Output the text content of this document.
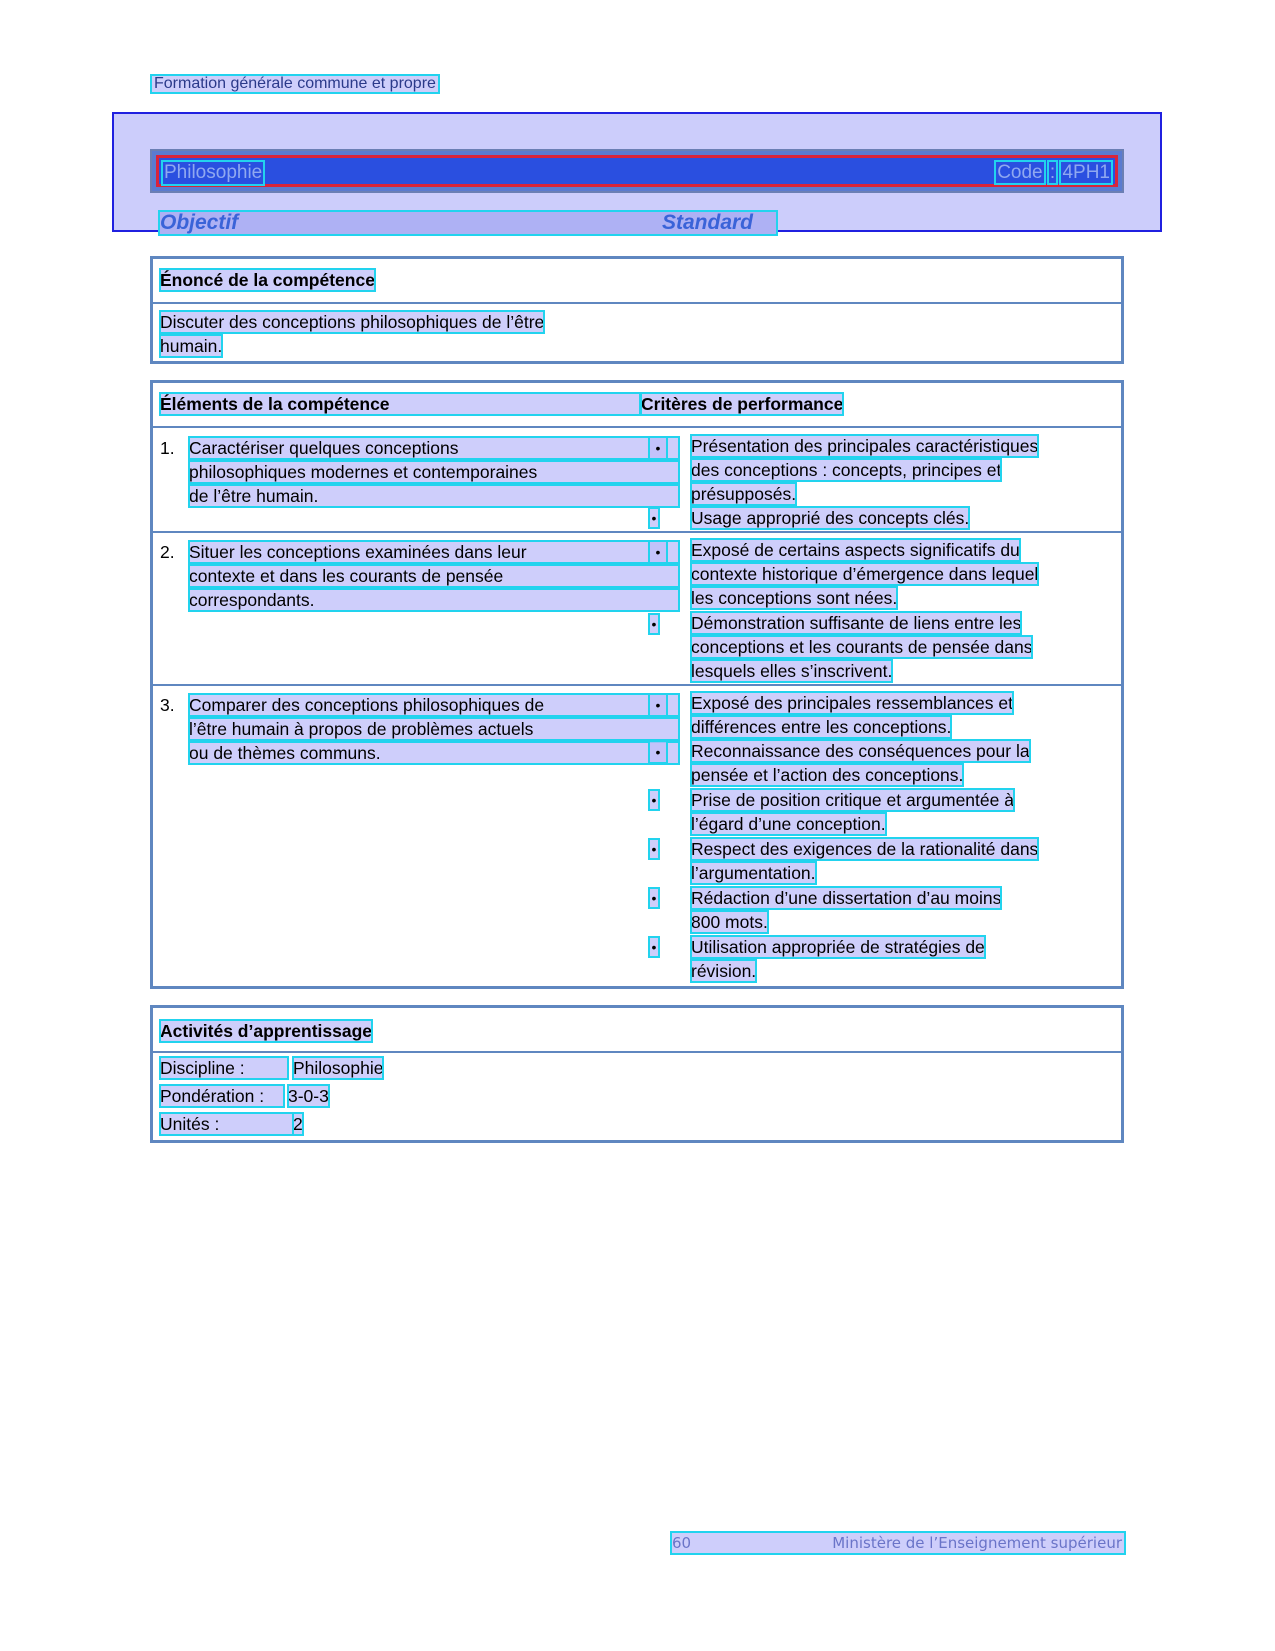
Formation générale commune et propre
Philosophie	Code : 4PH1
Objectif	Standard
Énoncé de la compétence
Discuter des conceptions philosophiques de l’être
humain.
Éléments de la compétence	Critères de performance
1. Caractériser quelques conceptions
philosophiques modernes et contemporaines
de l’être humain.
•	Présentation des principales caractéristiques
des conceptions : concepts, principes et
présupposés.
• Usage approprié des concepts clés.
2. Situer les conceptions examinées dans leur
contexte et dans les courants de pensée
correspondants.
•	Exposé de certains aspects significatifs du
contexte historique d’émergence dans lequel
les conceptions sont nées.
• Démonstration suffisante de liens entre les
conceptions et les courants de pensée dans
lesquels elles s’inscrivent.
3. Comparer des conceptions philosophiques de
l’être humain à propos de problèmes actuels
ou de thèmes communs.
•	Exposé des principales ressemblances et
différences entre les conceptions.
•	Reconnaissance des conséquences pour la
pensée et l’action des conceptions.
• Prise de position critique et argumentée à
l’égard d’une conception.
• Respect des exigences de la rationalité dans
l’argumentation.
• Rédaction d’une dissertation d’au moins
800 mots.
• Utilisation appropriée de stratégies de
révision.
Activités d’apprentissage
Discipline :	Philosophie
Pondération :	3-0-3
Unités :	2
60	Ministère de l’Enseignement supérieur
